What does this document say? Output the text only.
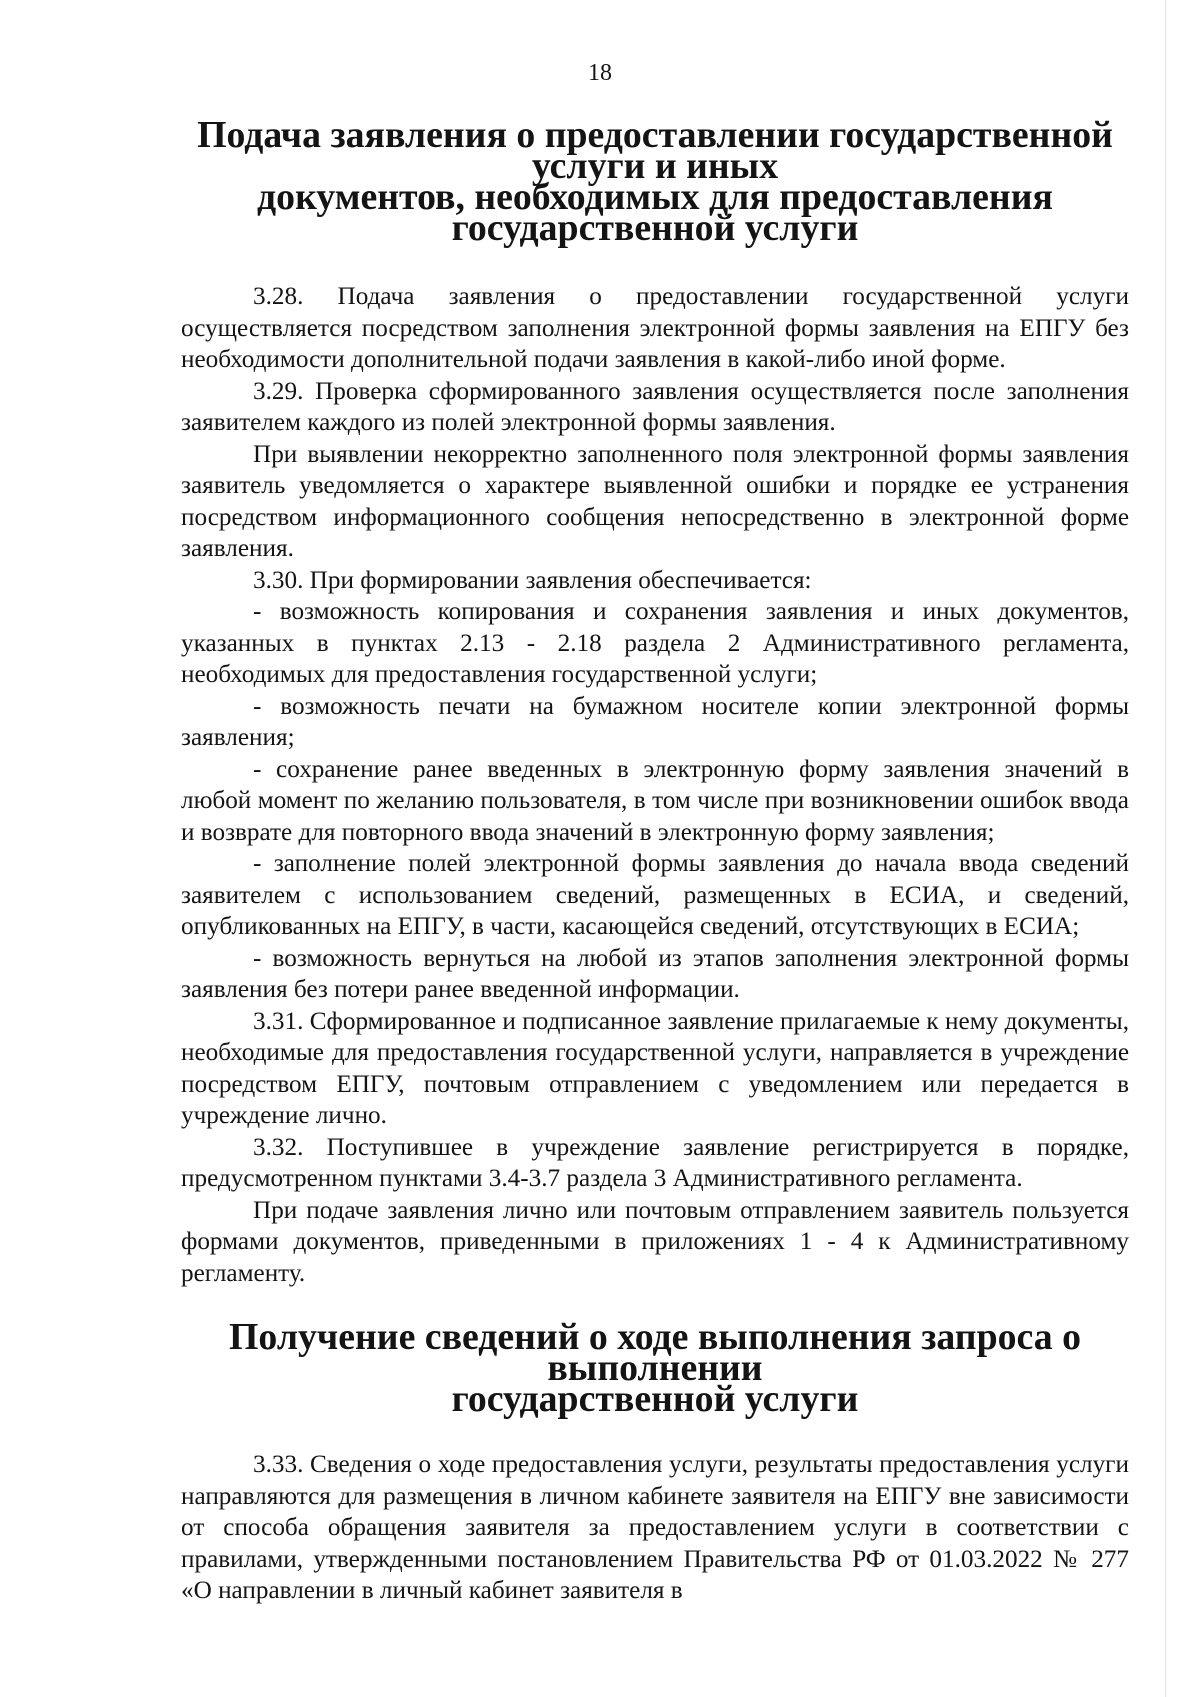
18
Подача заявления о предоставлении государственной услуги и иных
документов, необходимых для предоставления
государственной услуги

3.28. Подача заявления о предоставлении государственной услуги осуществляется посредством заполнения электронной формы заявления на ЕПГУ без необходимости дополнительной подачи заявления в какой-либо иной форме.

3.29. Проверка сформированного заявления осуществляется после заполнения заявителем каждого из полей электронной формы заявления.

При выявлении некорректно заполненного поля электронной формы заявления заявитель уведомляется о характере выявленной ошибки и порядке ее устранения посредством информационного сообщения непосредственно в электронной форме заявления.

3.30. При формировании заявления обеспечивается:

- возможность копирования и сохранения заявления и иных документов, указанных в пунктах 2.13 - 2.18 раздела 2 Административного регламента, необходимых для предоставления государственной услуги;

- возможность печати на бумажном носителе копии электронной формы заявления;

- сохранение ранее введенных в электронную форму заявления значений в любой момент по желанию пользователя, в том числе при возникновении ошибок ввода и возврате для повторного ввода значений в электронную форму заявления;

- заполнение полей электронной формы заявления до начала ввода сведений заявителем с использованием сведений, размещенных в ЕСИА, и сведений, опубликованных на ЕПГУ, в части, касающейся сведений, отсутствующих в ЕСИА;

- возможность вернуться на любой из этапов заполнения электронной формы заявления без потери ранее введенной информации.

3.31. Сформированное и подписанное заявление прилагаемые к нему документы, необходимые для предоставления государственной услуги, направляется в учреждение посредством ЕПГУ, почтовым отправлением с уведомлением или передается в учреждение лично.

3.32. Поступившее в учреждение заявление регистрируется в порядке, предусмотренном пунктами 3.4-3.7 раздела 3 Административного регламента.

При подаче заявления лично или почтовым отправлением заявитель пользуется формами документов, приведенными в приложениях 1 - 4 к Административному регламенту.

Получение сведений о ходе выполнения запроса о выполнении
государственной услуги

3.33. Сведения о ходе предоставления услуги, результаты предоставления услуги направляются для размещения в личном кабинете заявителя на ЕПГУ вне зависимости от способа обращения заявителя за предоставлением услуги в соответствии с правилами, утвержденными постановлением Правительства РФ от 01.03.2022 № 277 «О направлении в личный кабинет заявителя в
